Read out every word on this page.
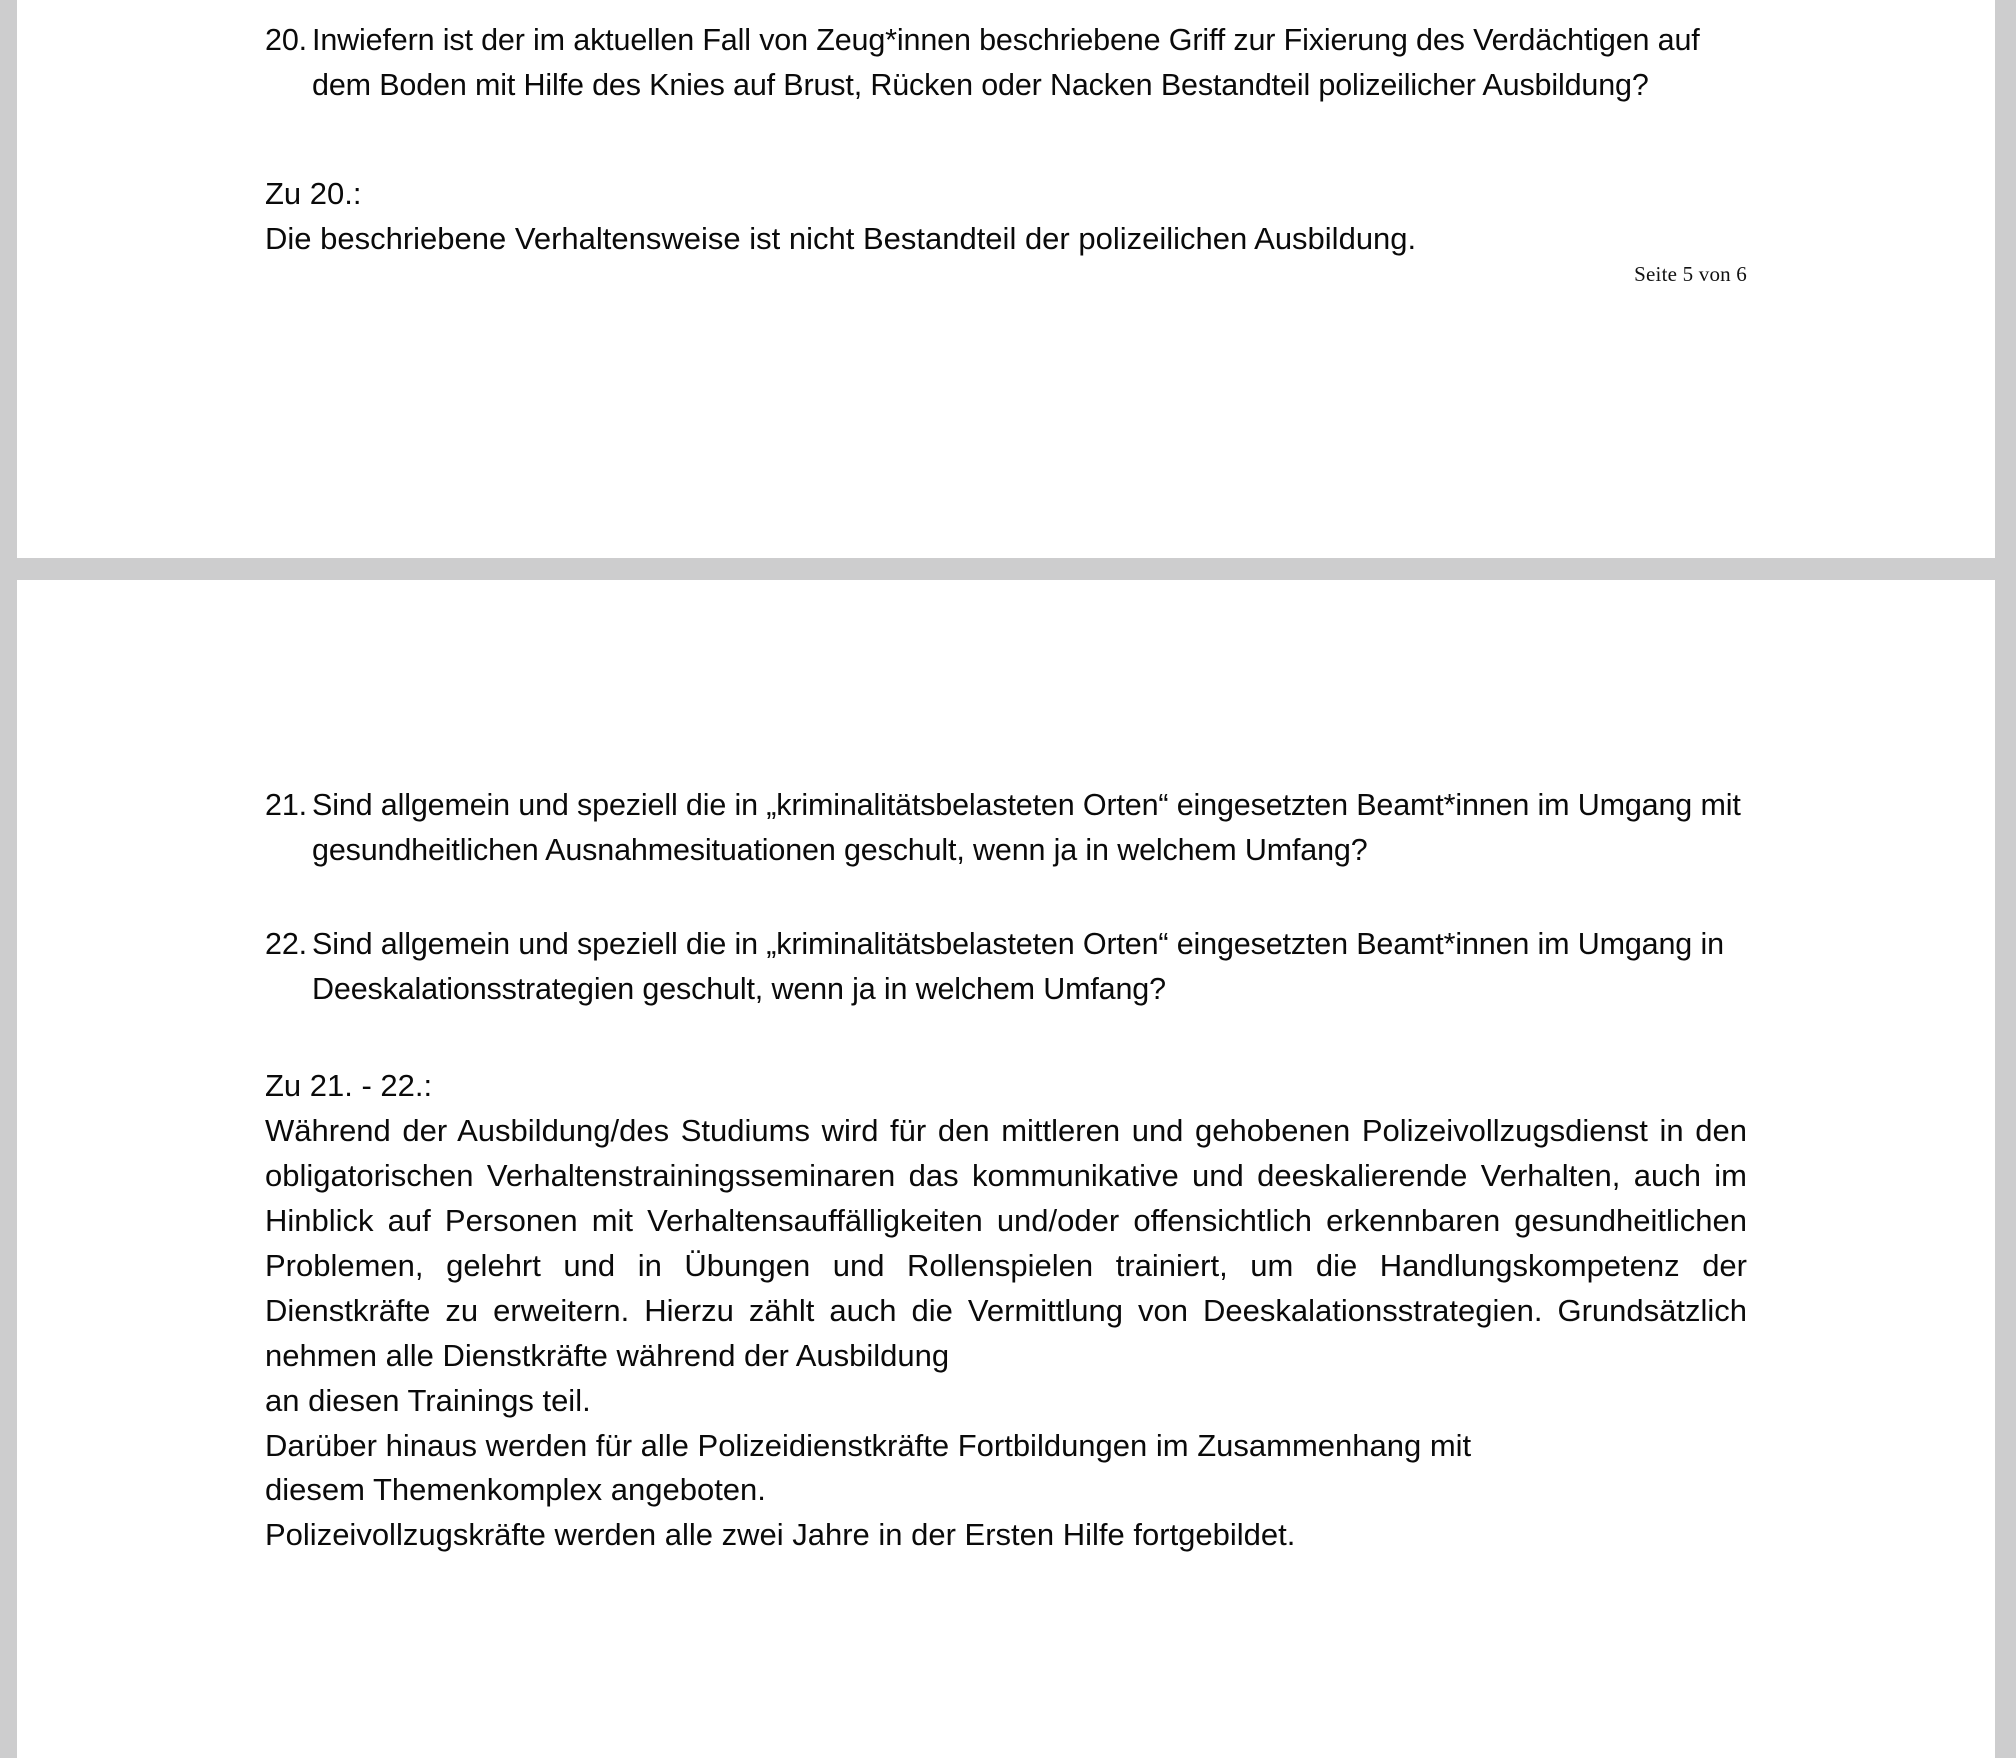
20. Inwiefern ist der im aktuellen Fall von Zeug*innen beschriebene Griff zur Fixierung des Verdächtigen auf dem Boden mit Hilfe des Knies auf Brust, Rücken oder Nacken Bestandteil polizeilicher Ausbildung?

Zu 20.:

Die beschriebene Verhaltensweise ist nicht Bestandteil der polizeilichen Ausbildung.

Seite 5 von 6

21. Sind allgemein und speziell die in „kriminalitätsbelasteten Orten“ eingesetzten Beamt*innen im Umgang mit gesundheitlichen Ausnahmesituationen geschult, wenn ja in welchem Umfang?

22. Sind allgemein und speziell die in „kriminalitätsbelasteten Orten“ eingesetzten Beamt*innen im Umgang in Deeskalationsstrategien geschult, wenn ja in welchem Umfang?

Zu 21. - 22.:

Während der Ausbildung/des Studiums wird für den mittleren und gehobenen Polizeivollzugsdienst in den obligatorischen Verhaltenstrainingsseminaren das kommunikative und deeskalierende Verhalten, auch im Hinblick auf Personen mit Verhaltensauffälligkeiten und/oder offensichtlich erkennbaren gesundheitlichen Problemen, gelehrt und in Übungen und Rollenspielen trainiert, um die Handlungskompetenz der Dienstkräfte zu erweitern. Hierzu zählt auch die Vermittlung von Deeskalationsstrategien. Grundsätzlich nehmen alle Dienstkräfte während der Ausbildung

an diesen Trainings teil.

Darüber hinaus werden für alle Polizeidienstkräfte Fortbildungen im Zusammenhang mit

diesem Themenkomplex angeboten.

Polizeivollzugskräfte werden alle zwei Jahre in der Ersten Hilfe fortgebildet.
